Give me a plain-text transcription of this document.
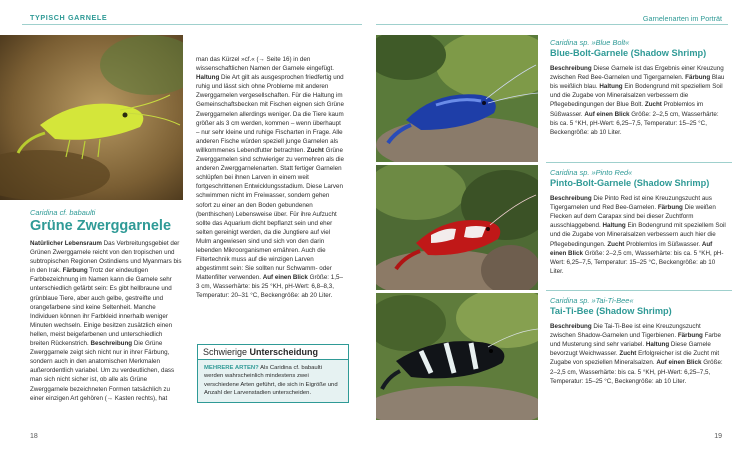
TYPISCH GARNELE	Garnelenarten im Porträt
Caridina cf. babaulti
Grüne Zwerggarnele
Natürlicher Lebensraum Das Verbreitungsgebiet der Grünen Zwerggarnele reicht von den tropischen und subtropischen Regionen Ostindiens und Myanmars bis in den Irak. Färbung Trotz der eindeutigen Farbbezeichnung im Namen kann die Garnele sehr unterschiedlich gefärbt sein: Es gibt hellbraune und grünblaue Tiere, aber auch gelbe, gestreifte und orangefarbene sind keine Seltenheit. Manche Individuen können ihr Farbkleid innerhalb weniger Minuten wechseln. Einige besitzen zusätzlich einen hellen, meist beigefarbenen und unterschiedlich breiten Rückenstrich. Beschreibung Die Grüne Zwerggarnele zeigt sich nicht nur in ihrer Färbung, sondern auch in den anatomischen Merkmalen außerordentlich variabel. Um zu verdeutlichen, dass man sich nicht sicher ist, ob alle als Grüne Zwerggarnele bezeichneten Formen tatsächlich zu einer einzigen Art gehören (→ Kasten rechts), hat
man das Kürzel »cf.« (→ Seite 16) in den wissenschaftlichen Namen der Garnele eingefügt. Haltung Die Art gilt als ausgesprochen friedfertig und ruhig und lässt sich ohne Probleme mit anderen Zwerggarnelen vergesellschaften. Für die Haltung im Gemeinschaftsbecken mit Fischen eignen sich Grüne Zwerggarnelen allerdings weniger. Da die Tiere kaum größer als 3 cm werden, kommen – wenn überhaupt – nur sehr kleine und ruhige Fischarten in Frage. Alle anderen Fische würden speziell junge Garnelen als willkommenes Lebendfutter betrachten. Zucht Grüne Zwerggarnelen sind schwieriger zu vermehren als die anderen Zwerggarnelenarten. Statt fertiger Garnelen schlüpfen bei ihnen Larven in einem weit fortgeschrittenen Entwicklungsstadium. Diese Larven schwimmen nicht im Freiwasser, sondern gehen sofort zu einer an den Boden gebundenen (benthischen) Lebensweise über. Für ihre Aufzucht sollte das Aquarium dicht bepflanzt sein und eher selten gereinigt werden, da die Jungtiere auf viel Mulm angewiesen sind und sich von den darin lebenden Mikroorganismen ernähren. Auch die Filtertechnik muss auf die winzigen Larven abgestimmt sein: Sie sollten nur Schwamm- oder Mattenfilter verwenden. Auf einen Blick Größe: 1,5–3 cm, Wasserhärte: bis 25 °KH, pH-Wert: 6,8–8,3, Temperatur: 20–31 °C, Beckengröße: ab 20 Liter.
Schwierige Unterscheidung
MEHRERE ARTEN? Als Caridina cf. babaulti werden wahrscheinlich mindestens zwei verschiedene Arten geführt, die sich in Eigröße und Anzahl der Larvenstadien unterscheiden.
Caridina sp. »Blue Bolt«
Blue-Bolt-Garnele (Shadow Shrimp)
Beschreibung Diese Garnele ist das Ergebnis einer Kreuzung zwischen Red Bee-Garnelen und Tigergarnelen. Färbung Blau bis weißlich blau. Haltung Ein Bodengrund mit speziellem Soil und die Zugabe von Mineralsalzen verbessern die Pflegebedingungen der Blue Bolt. Zucht Problemlos im Süßwasser. Auf einen Blick Größe: 2–2,5 cm, Wasserhärte: bis ca. 5 °KH, pH-Wert: 6,25–7,5, Temperatur: 15–25 °C, Beckengröße: ab 10 Liter.
Caridina sp. »Pinto Red«
Pinto-Bolt-Garnele (Shadow Shrimp)
Beschreibung Die Pinto Red ist eine Kreuzungszucht aus Tigergarnelen und Red Bee-Garnelen. Färbung Die weißen Flecken auf dem Carapax sind bei dieser Zuchtform ausschlaggebend. Haltung Ein Bodengrund mit speziellem Soil und die Zugabe von Mineralsalzen verbessern auch hier die Pflegebedingungen. Zucht Problemlos im Süßwasser. Auf einen Blick Größe: 2–2,5 cm, Wasserhärte: bis ca. 5 °KH, pH-Wert: 6,25–7,5, Temperatur: 15–25 °C, Beckengröße: ab 10 Liter.
Caridina sp. »Tai-Ti-Bee«
Tai-Ti-Bee (Shadow Shrimp)
Beschreibung Die Tai-Ti-Bee ist eine Kreuzungszucht zwischen Shadow-Garnelen und Tigerbienen. Färbung Farbe und Musterung sind sehr variabel. Haltung Diese Garnele bevorzugt Weichwasser. Zucht Erfolgreicher ist die Zucht mit Zugabe von speziellen Mineralsalzen. Auf einen Blick Größe: 2–2,5 cm, Wasserhärte: bis ca. 5 °KH, pH-Wert: 6,25–7,5, Temperatur: 15–25 °C, Beckengröße: ab 10 Liter.
18	19
